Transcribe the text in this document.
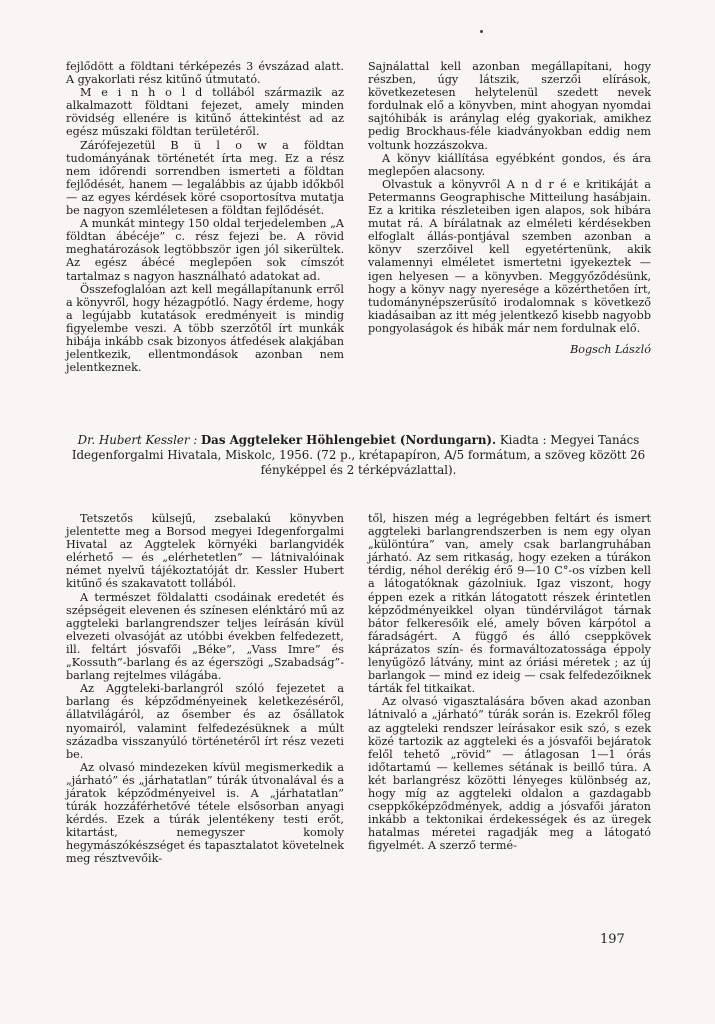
fejlődött a földtani térképezés 3 évszázad alatt. A gyakorlati rész kitűnő útmutató.

M e i n h o l d tollából származik az alkalmazott földtani fejezet, amely minden rövidség ellenére is kitűnő áttekintést ad az egész műszaki földtan területéről.

Zárófejezetül B ü l o w a földtan tudományának történetét írta meg. Ez a rész nem időrendi sorrendben ismerteti a földtan fejlődését, hanem — legalábbis az újabb időkből — az egyes kérdések köré csoportosítva mutatja be nagyon szemléletesen a földtan fejlődését.

A munkát mintegy 150 oldal terjedelemben „A földtan ábécéje” c. rész fejezi be. A rövid meghatározások legtöbbször igen jól sikerültek. Az egész ábécé meglepően sok címszót tartalmaz s nagyon használható adatokat ad.

Összefoglalóan azt kell megállapítanunk erről a könyvről, hogy hézagpótló. Nagy érdeme, hogy a legújabb kutatások eredményeit is mindig figyelembe veszi. A több szerzőtől írt munkák hibája inkább csak bizonyos átfedések alakjában jelentkezik, ellentmondások azonban nem jelentkeznek.

Sajnálattal kell azonban megállapítani, hogy részben, úgy látszik, szerzői elírások, következetesen helytelenül szedett nevek fordulnak elő a könyvben, mint ahogyan nyomdai sajtóhibák is aránylag elég gyakoriak, amikhez pedig Brockhaus-féle kiadványokban eddig nem voltunk hozzászokva.

A könyv kiállítása egyébként gondos, és ára meglepően alacsony.

Olvastuk a könyvről A n d r é e kritikáját a Petermanns Geographische Mitteilung hasábjain. Ez a kritika részleteiben igen alapos, sok hibára mutat rá. A bírálatnak az elméleti kérdésekben elfoglalt állás-pontjával szemben azonban a könyv szerzőivel kell egyetértenünk, akik valamennyi elméletet ismertetni igyekeztek — igen helyesen — a könyvben. Meggyőződésünk, hogy a könyv nagy nyeresége a közérthetően írt, tudománynépszerűsítő irodalomnak s következő kiadásaiban az itt még jelentkező kisebb nagyobb pongyolaságok és hibák már nem fordulnak elő.

Bogsch László
Dr. Hubert Kessler : Das Aggteleker Höhlengebiet (Nordungarn). Kiadta : Megyei Tanács Idegenforgalmi Hivatala, Miskolc, 1956. (72 p., krétapapíron, A/5 formátum, a szöveg között 26 fényképpel és 2 térképvázlattal).

Tetszetős külsejű, zsebalakú könyvben jelentette meg a Borsod megyei Idegenforgalmi Hivatal az Aggtelek környéki barlangvidék elérhető — és „elérhetetlen” — látnivalóinak német nyelvű tájékoztatóját dr. Kessler Hubert kitűnő és szakavatott tollából.

A természet földalatti csodáinak eredetét és szépségeit elevenen és színesen elénktáró mű az aggteleki barlangrendszer teljes leírásán kívül elvezeti olvasóját az utóbbi években felfedezett, ill. feltárt jósvafői „Béke”, „Vass Imre” és „Kossuth”-barlang és az égerszögi „Szabadság”-barlang rejtelmes világába.

Az Aggteleki-barlangról szóló fejezetet a barlang és képződményeinek keletkezéséről, állatvilágáról, az ősember és az ősállatok nyomairól, valamint felfedezésüknek a múlt századba visszanyúló történetéről írt rész vezeti be.

Az olvasó mindezeken kívül megismerkedik a „járható” és „járhatatlan” túrák útvonalával és a járatok képződményeivel is. A „járhatatlan” túrák hozzáférhetővé tétele elsősorban anyagi kérdés. Ezek a túrák jelentékeny testi erőt, kitartást, nemegyszer komoly hegymászókészséget és tapasztalatot követelnek meg résztvevőik-

től, hiszen még a legrégebben feltárt és ismert aggteleki barlangrendszerben is nem egy olyan „különtúra” van, amely csak barlangruhában járható. Az sem ritkaság, hogy ezeken a túrákon térdig, néhol derékig érő 9—10 C°-os vízben kell a látogatóknak gázolniuk. Igaz viszont, hogy éppen ezek a ritkán látogatott részek érintetlen képződményeikkel olyan tündérvilágot tárnak bátor felkeresőik elé, amely bőven kárpótol a fáradságért. A függő és álló cseppkövek káprázatos szín- és formaváltozatossága éppoly lenyűgöző látvány, mint az óriási méretek ; az új barlangok — mind ez ideig — csak felfedezőiknek tárták fel titkaikat.

Az olvasó vigasztalására bőven akad azonban látnivaló a „járható” túrák során is. Ezekről főleg az aggteleki rendszer leírásakor esik szó, s ezek közé tartozik az aggteleki és a jósvafői bejáratok felől tehető „rövid” — átlagosan 1—1 órás időtartamú — kellemes sétának is beillő túra. A két barlangrész közötti lényeges különbség az, hogy míg az aggteleki oldalon a gazdagabb cseppkőképződmények, addig a jósvafői járaton inkább a tektonikai érdekességek és az üregek hatalmas méretei ragadják meg a látogató figyelmét. A szerző termé-

197
